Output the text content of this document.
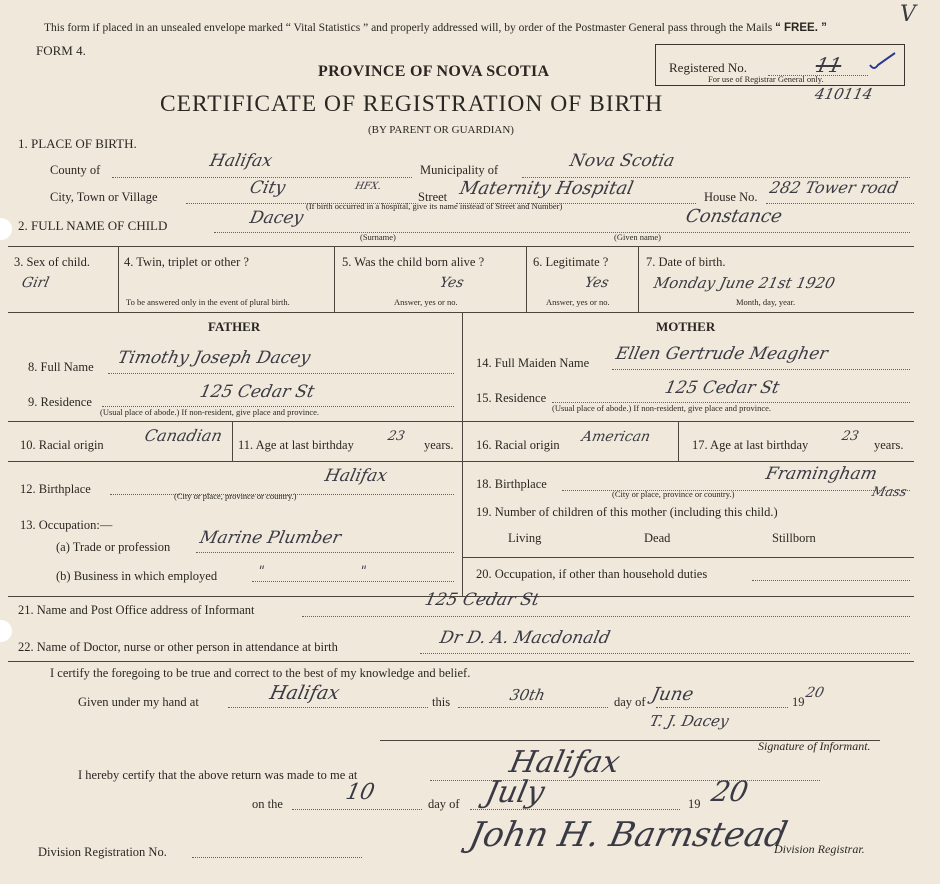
This form if placed in an unsealed envelope marked “ Vital Statistics ” and properly addressed will, by order of the Postmaster General pass through the Mails “ FREE. ”
V
FORM 4.
Registered No.
For use of Registrar General only.
11
410114
PROVINCE OF NOVA SCOTIA
CERTIFICATE OF REGISTRATION OF BIRTH
(BY PARENT OR GUARDIAN)
1. PLACE OF BIRTH.
County of	Halifax	Municipality of	Nova Scotia
City, Town or Village	City	HFX.
Street Maternity Hospital
(If birth occurred in a hospital, give its name instead of Street and Number)
House No. 282 Tower road
2. FULL NAME OF CHILD	Dacey	Constance
(Surname)	(Given name)
3. Sex of child.
Girl
4. Twin, triplet or other ?
To be answered only in the event of plural birth.
5. Was the child born alive ?
Yes
Answer, yes or no.
6. Legitimate ?
Yes
Answer, yes or no.
7. Date of birth.
Monday June 21st 1920
Month, day, year.
FATHER	MOTHER
8. Full Name Timothy Joseph Dacey
9. Residence	125 Cedar St
(Usual place of abode.) If non-resident, give place and province.
10. Racial origin Canadian 11. Age at last birthday
23
years.
12. Birthplace
Halifax
(City or place, province or country.)
13. Occupation:—
(a) Trade or profession Marine Plumber
(b) Business in which employed	"	"
14. Full Maiden Name Ellen Gertrude Meagher
15. Residence	125 Cedar St
(Usual place of abode.) If non-resident, give place and province.
16. Racial origin American	17. Age at last birthday
23
years.
18. Birthplace	Framingham
Mass
(City or place, province or country.)
19. Number of children of this mother (including this child.)
Living	Dead	Stillborn
20. Occupation, if other than household duties
21. Name and Post Office address of Informant	125 Cedar St
22. Name of Doctor, nurse or other person in attendance at birth	Dr D. A. Macdonald
I certify the foregoing to be true and correct to the best of my knowledge and belief.
Given under my hand at	Halifax	this	30th	day of June	19
20
T. J. Dacey
Signature of Informant.
I hereby certify that the above return was made to me at	Halifax
on the	10	day of July	19 20
John H. Barnstead
Division Registration No.	Division Registrar.
